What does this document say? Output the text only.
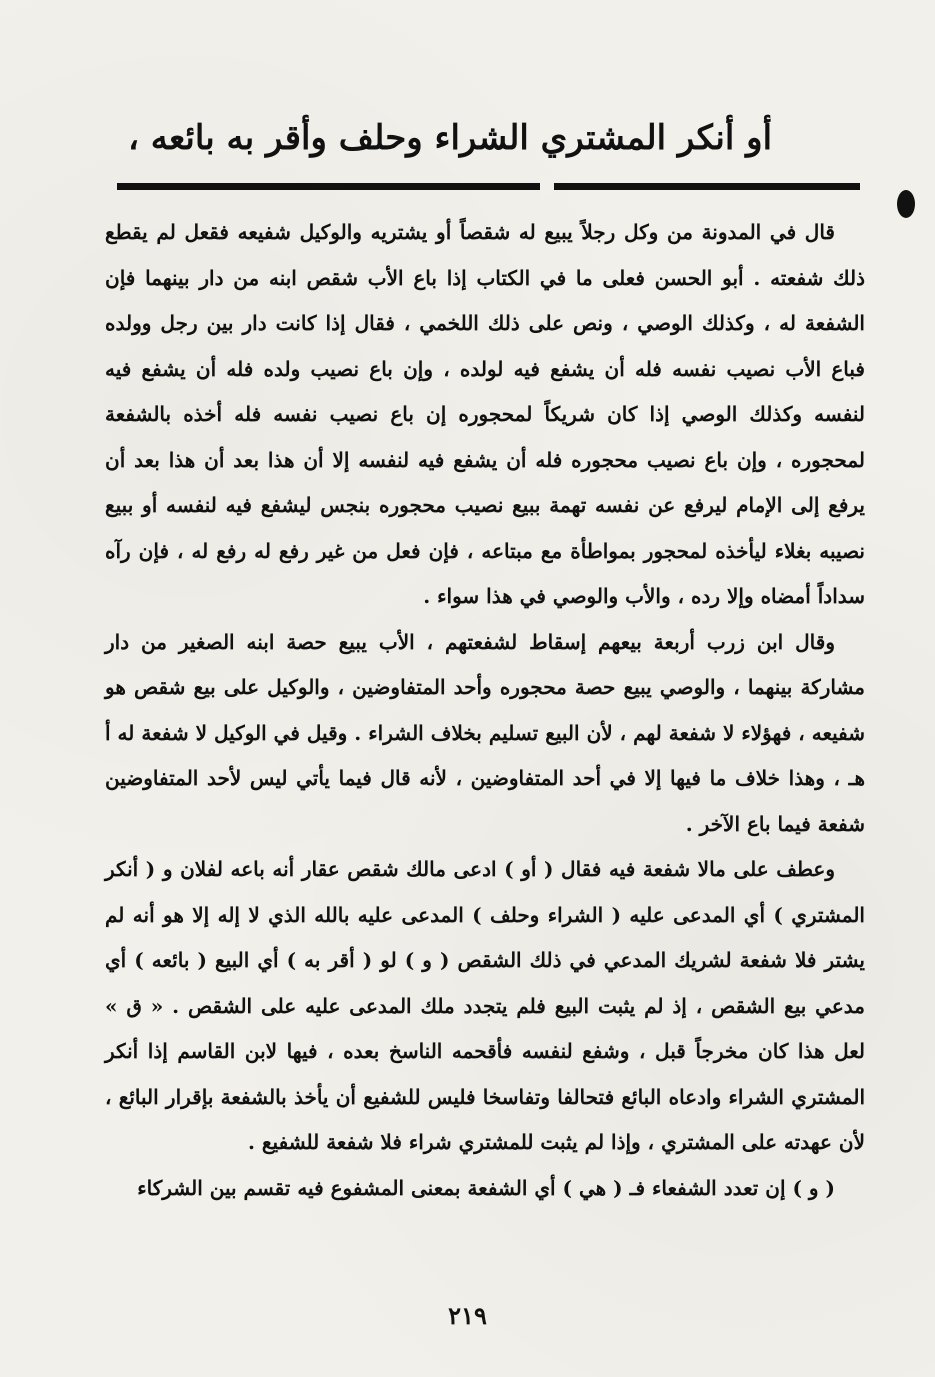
أو أنكر المشتري الشراء وحلف وأقر به بائعه ،

قال في المدونة من وكل رجلاً يبيع له شقصاً أو يشتريه والوكيل شفيعه فقعل لم يقطع ذلك شفعته . أبو الحسن فعلى ما في الكتاب إذا باع الأب شقص ابنه من دار بينهما فإن الشفعة له ، وكذلك الوصي ، ونص على ذلك اللخمي ، فقال إذا كانت دار بين رجل وولده فباع الأب نصيب نفسه فله أن يشفع فيه لولده ، وإن باع نصيب ولده فله أن يشفع فيه لنفسه وكذلك الوصي إذا كان شريكاً لمحجوره إن باع نصيب نفسه فله أخذه بالشفعة لمحجوره ، وإن باع نصيب محجوره فله أن يشفع فيه لنفسه إلا أن هذا بعد أن هذا بعد أن يرفع إلى الإمام ليرفع عن نفسه تهمة ببيع نصيب محجوره بنجس ليشفع فيه لنفسه أو ببيع نصيبه بغلاء ليأخذه لمحجور بمواطأة مع مبتاعه ، فإن فعل من غير رفع له رفع له ، فإن رآه سداداً أمضاه وإلا رده ، والأب والوصي في هذا سواء .

وقال ابن زرب أربعة بيعهم إسقاط لشفعتهم ، الأب يبيع حصة ابنه الصغير من دار مشاركة بينهما ، والوصي يبيع حصة محجوره وأحد المتفاوضين ، والوكيل على بيع شقص هو شفيعه ، فهؤلاء لا شفعة لهم ، لأن البيع تسليم بخلاف الشراء . وقيل في الوكيل لا شفعة له أ هـ ، وهذا خلاف ما فيها إلا في أحد المتفاوضين ، لأنه قال فيما يأتي ليس لأحد المتفاوضين شفعة فيما باع الآخر .

وعطف على مالا شفعة فيه فقال ( أو ) ادعى مالك شقص عقار أنه باعه لفلان و ( أنكر المشتري ) أي المدعى عليه ( الشراء وحلف ) المدعى عليه بالله الذي لا إله إلا هو أنه لم يشتر فلا شفعة لشريك المدعي في ذلك الشقص ( و ) لو ( أقر به ) أي البيع ( بائعه ) أي مدعي بيع الشقص ، إذ لم يثبت البيع فلم يتجدد ملك المدعى عليه على الشقص . « ق » لعل هذا كان مخرجاً قبل ، وشفع لنفسه فأقحمه الناسخ بعده ، فيها لابن القاسم إذا أنكر المشتري الشراء وادعاه البائع فتحالفا وتفاسخا فليس للشفيع أن يأخذ بالشفعة بإقرار البائع ، لأن عهدته على المشتري ، وإذا لم يثبت للمشتري شراء فلا شفعة للشفيع .

( و ) إن تعدد الشفعاء فـ ( هي ) أي الشفعة بمعنى المشفوع فيه تقسم بين الشركاء

٢١٩
